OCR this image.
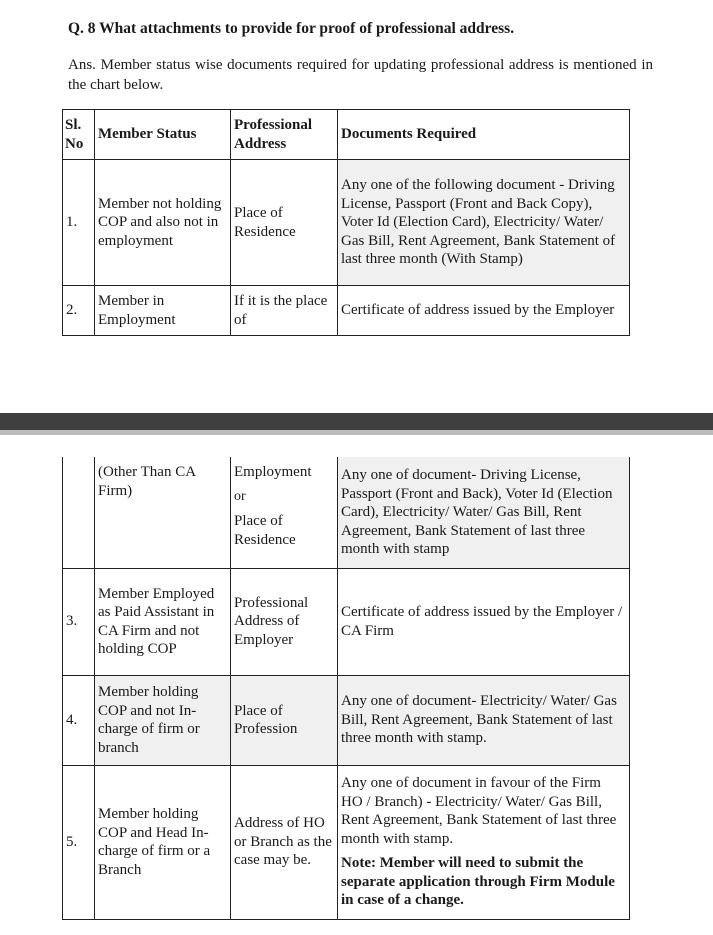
Q. 8 What attachments to provide for proof of professional address.
Ans. Member status wise documents required for updating professional address is mentioned in the chart below.
Sl. No	Member Status	Professional Address	Documents Required
1.	Member not holding COP and also not in employment	Place of Residence	Any one of the following document - Driving License, Passport (Front and Back Copy), Voter Id (Election Card), Electricity/ Water/ Gas Bill, Rent Agreement, Bank Statement of last three month (With Stamp)
2.	Member in Employment	If it is the place of	Certificate of address issued by the Employer
	(Other Than CA Firm)	Employment
or
Place of Residence	Any one of document- Driving License, Passport (Front and Back), Voter Id (Election Card), Electricity/ Water/ Gas Bill, Rent Agreement, Bank Statement of last three month with stamp
3.	Member Employed as Paid Assistant in CA Firm and not holding COP	Professional Address of Employer	Certificate of address issued by the Employer / CA Firm
4.	Member holding COP and not In-charge of firm or branch	Place of Profession	Any one of document- Electricity/ Water/ Gas Bill, Rent Agreement, Bank Statement of last three month with stamp.
5.	Member holding COP and Head In-charge of firm or a Branch	Address of HO or Branch as the case may be.	Any one of document in favour of the Firm HO / Branch) - Electricity/ Water/ Gas Bill, Rent Agreement, Bank Statement of last three month with stamp.
Note: Member will need to submit the separate application through Firm Module in case of a change.
